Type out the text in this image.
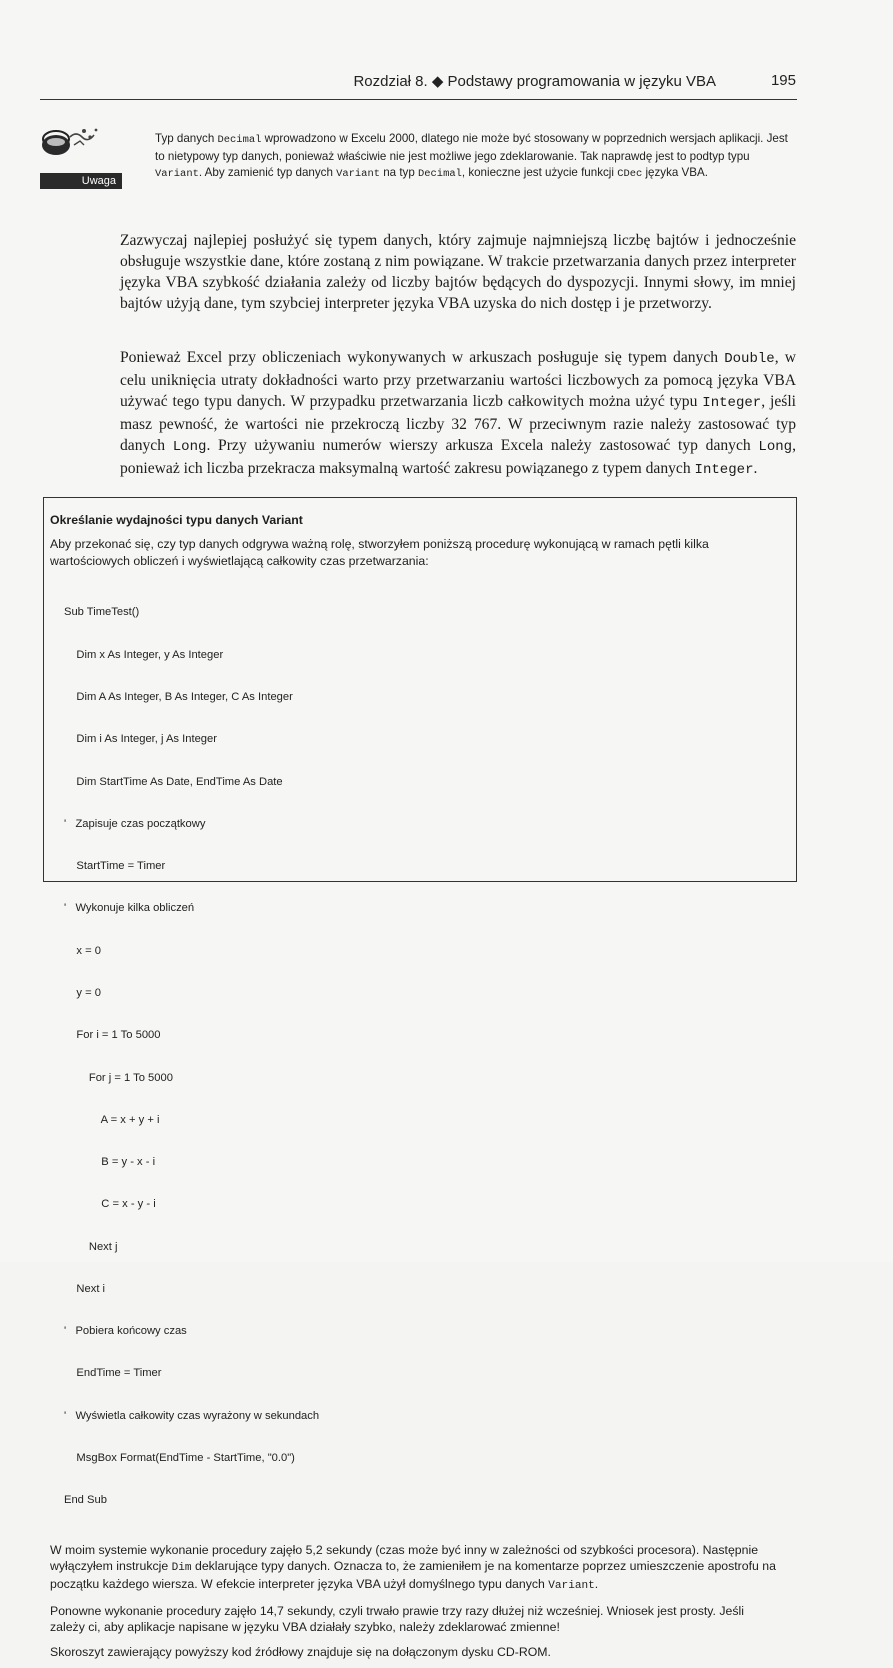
Rozdział 8. ◆ Podstawy programowania w języku VBA	195
Uwaga
Typ danych Decimal wprowadzono w Excelu 2000, dlatego nie może być stosowany w poprzednich wersjach aplikacji. Jest to nietypowy typ danych, ponieważ właściwie nie jest możliwe jego zdeklarowanie. Tak naprawdę jest to podtyp typu Variant. Aby zamienić typ danych Variant na typ Decimal, konieczne jest użycie funkcji CDec języka VBA.

Zazwyczaj najlepiej posłużyć się typem danych, który zajmuje najmniejszą liczbę bajtów i jednocześnie obsługuje wszystkie dane, które zostaną z nim powiązane. W trakcie przetwarzania danych przez interpreter języka VBA szybkość działania zależy od liczby bajtów będących do dyspozycji. Innymi słowy, im mniej bajtów użyją dane, tym szybciej interpreter języka VBA uzyska do nich dostęp i je przetworzy.

Ponieważ Excel przy obliczeniach wykonywanych w arkuszach posługuje się typem danych Double, w celu uniknięcia utraty dokładności warto przy przetwarzaniu wartości liczbowych za pomocą języka VBA używać tego typu danych. W przypadku przetwarzania liczb całkowitych można użyć typu Integer, jeśli masz pewność, że wartości nie przekroczą liczby 32 767. W przeciwnym razie należy zastosować typ danych Long. Przy używaniu numerów wierszy arkusza Excela należy zastosować typ danych Long, ponieważ ich liczba przekracza maksymalną wartość zakresu powiązanego z typem danych Integer.

Określanie wydajności typu danych Variant

Aby przekonać się, czy typ danych odgrywa ważną rolę, stworzyłem poniższą procedurę wykonującą w ramach pętli kilka wartościowych obliczeń i wyświetlającą całkowity czas przetwarzania:

Sub TimeTest()

Dim x As Integer, y As Integer

Dim A As Integer, B As Integer, C As Integer

Dim i As Integer, j As Integer

Dim StartTime As Date, EndTime As Date

'   Zapisuje czas początkowy

StartTime = Timer

'   Wykonuje kilka obliczeń

x = 0

y = 0

For i = 1 To 5000

For j = 1 To 5000

A = x + y + i

B = y - x - i

C = x - y - i

Next j

Next i

'   Pobiera końcowy czas

EndTime = Timer

'   Wyświetla całkowity czas wyrażony w sekundach

MsgBox Format(EndTime - StartTime, "0.0")

End Sub

W moim systemie wykonanie procedury zajęło 5,2 sekundy (czas może być inny w zależności od szybkości procesora). Następnie wyłączyłem instrukcje Dim deklarujące typy danych. Oznacza to, że zamieniłem je na komentarze poprzez umieszczenie apostrofu na początku każdego wiersza. W efekcie interpreter języka VBA użył domyślnego typu danych Variant.

Ponowne wykonanie procedury zajęło 14,7 sekundy, czyli trwało prawie trzy razy dłużej niż wcześniej. Wniosek jest prosty. Jeśli zależy ci, aby aplikacje napisane w języku VBA działały szybko, należy zdeklarować zmienne!

Skoroszyt zawierający powyższy kod źródłowy znajduje się na dołączonym dysku CD-ROM.
